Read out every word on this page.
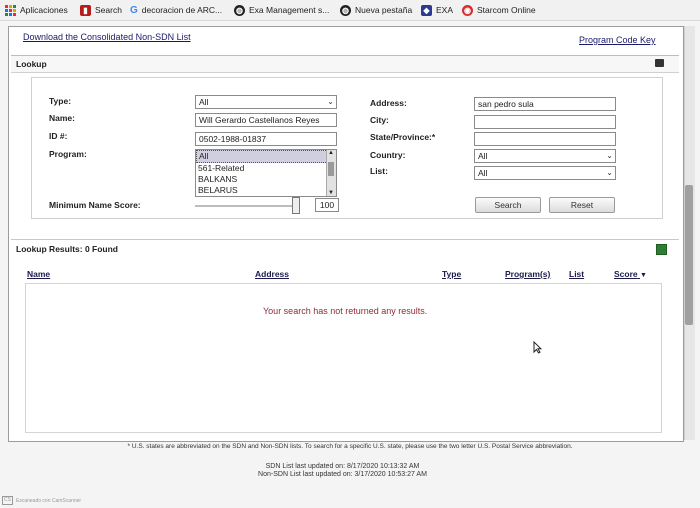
Aplicaciones	▮ Search G decoracion de ARC... ◍ Exa Management s... ◍ Nueva pestaña	◆ EXA ◉ Starcom Online
Download the Consolidated Non-SDN List	Program Code Key
Lookup
Type:	All	⌄
Name:	Will Gerardo Castellanos Reyes
ID #:	0502-1988-01837
Program:	All
561-Related
BALKANS
BELARUS
▲
▼
Address:	san pedro sula
City:
State/Province:*
Country:	All	⌄
List:	All	⌄
Minimum Name Score:	100	Search	Reset
Lookup Results: 0 Found
Name	Address	Type	Program(s) List	Score ▼
Your search has not returned any results.
* U.S. states are abbreviated on the SDN and Non-SDN lists. To search for a specific U.S. state, please use the two letter U.S. Postal Service abbreviation.
SDN List last updated on: 8/17/2020 10:13:32 AM
Non-SDN List last updated on: 3/17/2020 10:53:27 AM
CS	Escaneado con CamScanner
